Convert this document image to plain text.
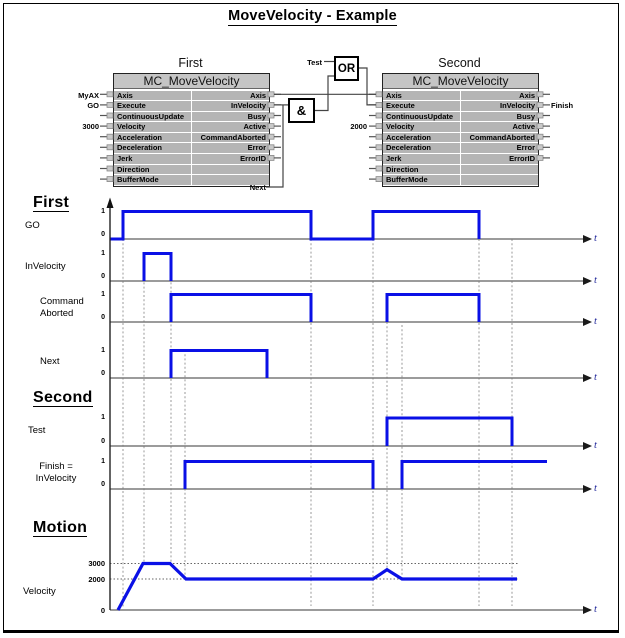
MoveVelocity - Example
First	Second
MC_MoveVelocity
Axis	Axis
Execute	InVelocity
ContinuousUpdate	Busy
Velocity	Active
Acceleration	CommandAborted
Deceleration	Error
Jerk	ErrorID
Direction
BufferMode
MC_MoveVelocity
Axis	Axis
Execute	InVelocity
ContinuousUpdate	Busy
Velocity	Active
Acceleration	CommandAborted
Deceleration	Error
Jerk	ErrorID
Direction
BufferMode
&
OR
MyAX
GO
3000	2000
Finish
Test
Next
First
t
1
0
GO
t
1
0
InVelocity
t
1
0
Command
Aborted
t
1
0
Next
Second
t
1
0
Test
t
1
0
Finish =
InVelocity
Motion
3000
2000
0	t
Velocity
